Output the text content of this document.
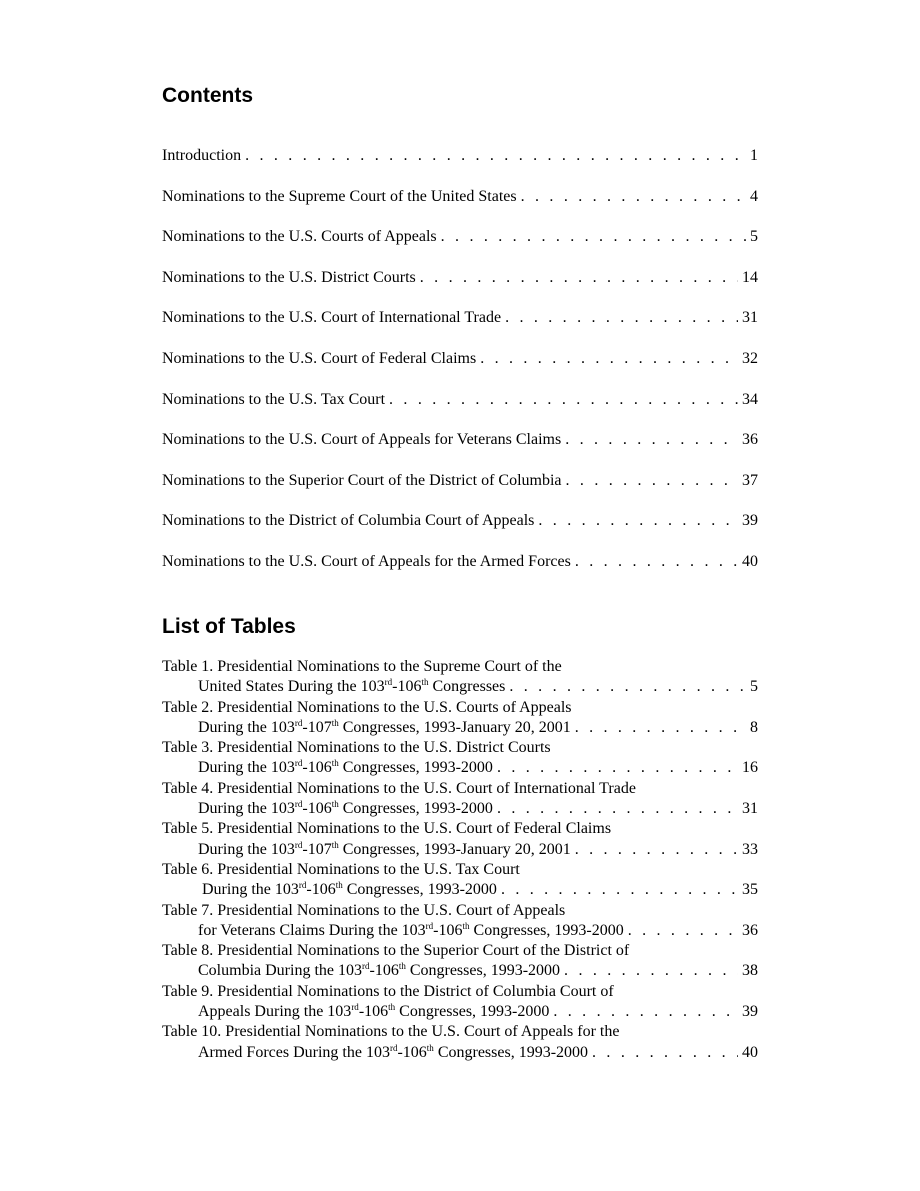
Contents
Introduction . . .	1
Nominations to the Supreme Court of the United States . . .	4
Nominations to the U.S. Courts of Appeals . . .	5
Nominations to the U.S. District Courts . . .	14
Nominations to the U.S. Court of International Trade . . .	31
Nominations to the U.S. Court of Federal Claims . . .	32
Nominations to the U.S. Tax Court . . .	34
Nominations to the U.S. Court of Appeals for Veterans Claims . . .	36
Nominations to the Superior Court of the District of Columbia . . .	37
Nominations to the District of Columbia Court of Appeals . . .	39
Nominations to the U.S. Court of Appeals for the Armed Forces . . .	40
List of Tables
Table 1. Presidential Nominations to the Supreme Court of the
United States During the 103rd-106th Congresses . . .	5
Table 2. Presidential Nominations to the U.S. Courts of Appeals
During the 103rd-107th Congresses, 1993-January 20, 2001 . . .	8
Table 3. Presidential Nominations to the U.S. District Courts
During the 103rd-106th Congresses, 1993-2000 . . .	16
Table 4. Presidential Nominations to the U.S. Court of International Trade
During the 103rd-106th Congresses, 1993-2000 . . .	31
Table 5. Presidential Nominations to the U.S. Court of Federal Claims
During the 103rd-107th Congresses, 1993-January 20, 2001 . . .	33
Table 6. Presidential Nominations to the U.S. Tax Court
During the 103rd-106th Congresses, 1993-2000 . . .	35
Table 7. Presidential Nominations to the U.S. Court of Appeals
for Veterans Claims During the 103rd-106th Congresses, 1993-2000 . . .	36
Table 8. Presidential Nominations to the Superior Court of the District of
Columbia During the 103rd-106th Congresses, 1993-2000 . . .	38
Table 9. Presidential Nominations to the District of Columbia Court of
Appeals During the 103rd-106th Congresses, 1993-2000 . . .	39
Table 10. Presidential Nominations to the U.S. Court of Appeals for the
Armed Forces During the 103rd-106th Congresses, 1993-2000 . . .	40
